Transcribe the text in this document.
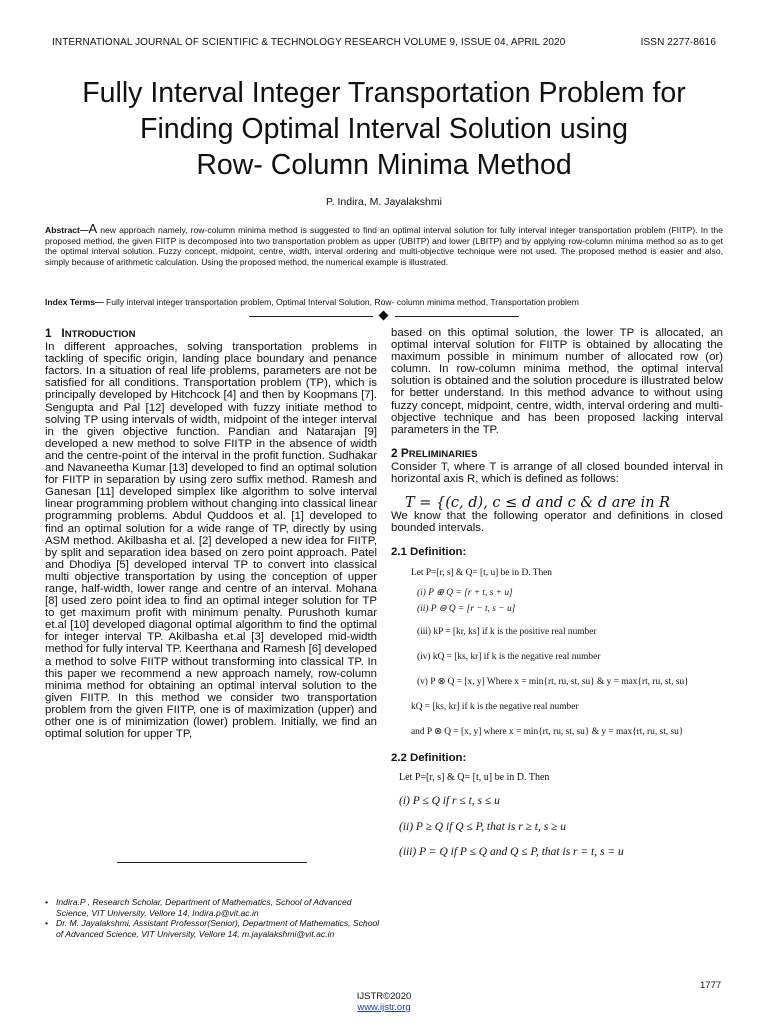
INTERNATIONAL JOURNAL OF SCIENTIFIC & TECHNOLOGY RESEARCH VOLUME 9, ISSUE 04, APRIL 2020	ISSN 2277-8616
Fully Interval Integer Transportation Problem for
Finding Optimal Interval Solution using
Row- Column Minima Method
P. Indira, M. Jayalakshmi
Abstract—A new approach namely, row-column minima method is suggested to find an optimal interval solution for fully interval integer transportation problem (FIITP). In the proposed method, the given FIITP is decomposed into two transportation problem as upper (UBITP) and lower (LBITP) and by applying row-column minima method so as to get the optimal interval solution. Fuzzy concept, midpoint, centre, width, interval ordering and multi-objective technique were not used. The proposed method is easier and also, simply because of arithmetic calculation. Using the proposed method, the numerical example is illustrated.
Index Terms— Fully interval integer transportation problem, Optimal Interval Solution, Row- column minima method, Transportation problem

1 INTRODUCTION

In different approaches, solving transportation problems in tackling of specific origin, landing place boundary and penance factors. In a situation of real life problems, parameters are not be satisfied for all conditions. Transportation problem (TP), which is principally developed by Hitchcock [4] and then by Koopmans [7]. Sengupta and Pal [12] developed with fuzzy initiate method to solving TP using intervals of width, midpoint of the integer interval in the given objective function. Pandian and Natarajan [9] developed a new method to solve FIITP in the absence of width and the centre-point of the interval in the profit function. Sudhakar and Navaneetha Kumar [13] developed to find an optimal solution for FIITP in separation by using zero suffix method. Ramesh and Ganesan [11] developed simplex like algorithm to solve interval linear programming problem without changing into classical linear programming problems. Abdul Quddoos et al. [1] developed to find an optimal solution for a wide range of TP, directly by using ASM method. Akilbasha et al. [2] developed a new idea for FIITP, by split and separation idea based on zero point approach. Patel and Dhodiya [5] developed interval TP to convert into classical multi objective transportation by using the conception of upper range, half-width, lower range and centre of an interval. Mohana [8] used zero point idea to find an optimal integer solution for TP to get maximum profit with minimum penalty. Purushoth kumar et.al [10] developed diagonal optimal algorithm to find the optimal for integer interval TP. Akilbasha et.al [3] developed mid-width method for fully interval TP. Keerthana and Ramesh [6] developed a method to solve FIITP without transforming into classical TP. In this paper we recommend a new approach namely, row-column minima method for obtaining an optimal interval solution to the given FIITP. In this method we consider two transportation problem from the given FIITP, one is of maximization (upper) and other one is of minimization (lower) problem. Initially, we find an optimal solution for upper TP,

based on this optimal solution, the lower TP is allocated, an optimal interval solution for FIITP is obtained by allocating the maximum possible in minimum number of allocated row (or) column. In row-column minima method, the optimal interval solution is obtained and the solution procedure is illustrated below for better understand. In this method advance to without using fuzzy concept, midpoint, centre, width, interval ordering and multi-objective technique and has been proposed lacking interval parameters in the TP.

2 PRELIMINARIES

Consider T, where T is arrange of all closed bounded interval in horizontal axis R, which is defined as follows:

T = {(c, d), c ≤ d and c & d are in R

We know that the following operator and definitions in closed bounded intervals.

2.1 Definition:

Let P=[r, s] & Q= [t, u] be in D. Then
(i) P ⊕ Q = [r + t, s + u]
(ii) P ⊖ Q = [r − t, s − u]
(iii) kP = [kr, ks] if k is the positive real number
(iv) kQ = [ks, kr] if k is the negative real number
(v) P ⊗ Q = [x, y] Where x = min{rt, ru, st, su} & y = max{rt, ru, st, su}
kQ = [ks, kr] if k is the negative real number
and P ⊗ Q = [x, y] where x = min{rt, ru, st, su} & y = max{rt, ru, st, su}

2.2 Definition:

Let P=[r, s] & Q= [t, u] be in D. Then
(i) P ≤ Q if r ≤ t, s ≤ u
(ii) P ≥ Q if Q ≤ P, that is r ≥ t, s ≥ u
(iii) P = Q if P ≤ Q and Q ≤ P, that is r = t, s = u
• Indira.P , Research Scholar, Department of Mathematics, School of Advanced Science, VIT University, Vellore 14, Indira.p@vit.ac.in
• Dr. M. Jayalakshmi, Assistant Professor(Senior), Department of Mathematics, School of Advanced Science, VIT University, Vellore 14, m.jayalakshmi@vit.ac.in
1777
IJSTR©2020
www.ijstr.org
